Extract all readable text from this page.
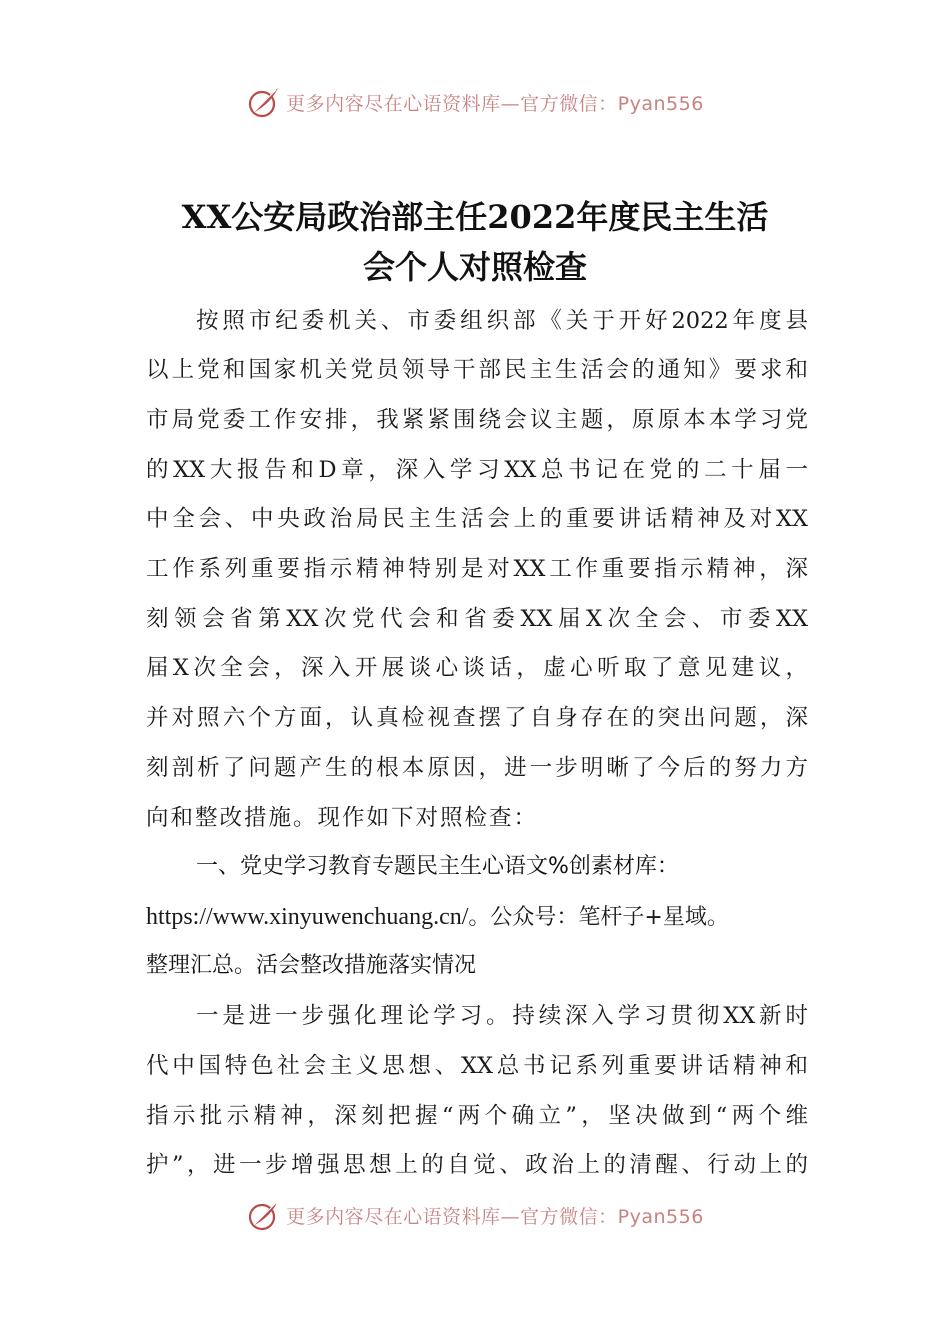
更多内容尽在心语资料库—官方微信：Pyan556
XX公安局政治部主任2022年度民主生活
会个人对照检查
按照市纪委机关、市委组织部《关于开好2022年度县
以上党和国家机关党员领导干部民主生活会的通知》要求和
市局党委工作安排，我紧紧围绕会议主题，原原本本学习党
的XX大报告和D章，深入学习XX总书记在党的二十届一
中全会、中央政治局民主生活会上的重要讲话精神及对XX
工作系列重要指示精神特别是对XX工作重要指示精神，深
刻领会省第XX次党代会和省委XX届X次全会、市委XX
届X次全会，深入开展谈心谈话，虚心听取了意见建议，
并对照六个方面，认真检视查摆了自身存在的突出问题，深
刻剖析了问题产生的根本原因，进一步明晰了今后的努力方
向和整改措施。现作如下对照检查：
一、党史学习教育专题民主生心语文%创素材库：
https://www.xinyuwenchuang.cn/。公众号：笔杆子+星域。
整理汇总。活会整改措施落实情况
一是进一步强化理论学习。持续深入学习贯彻XX新时
代中国特色社会主义思想、XX总书记系列重要讲话精神和
指示批示精神，深刻把握“两个确立”，坚决做到“两个维
护”，进一步增强思想上的自觉、政治上的清醒、行动上的
更多内容尽在心语资料库—官方微信：Pyan556
